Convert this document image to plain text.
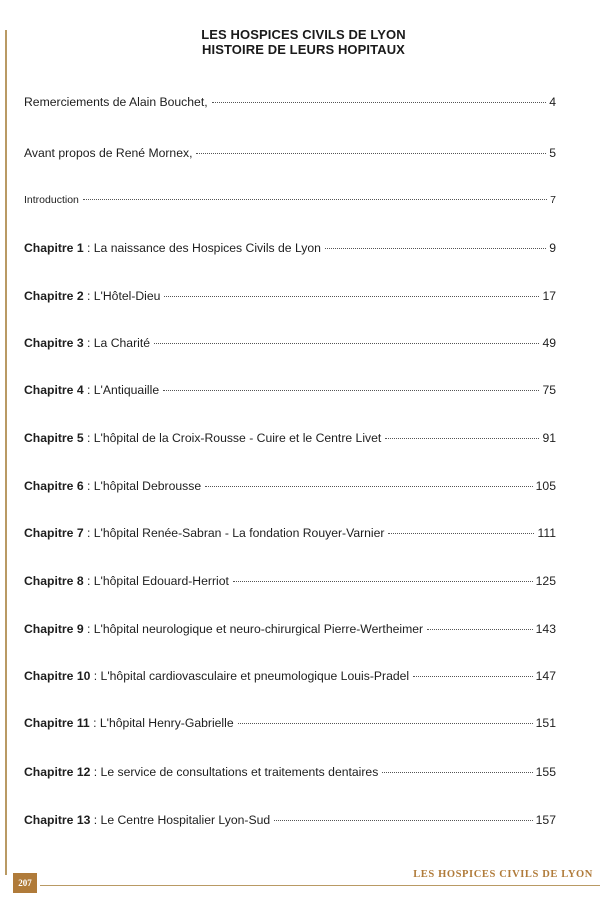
LES HOSPICES CIVILS DE LYON
HISTOIRE DE LEURS HOPITAUX
Remerciements de Alain Bouchet,	4
Avant propos de René Mornex,	5
Introduction	7
Chapitre 1 : La naissance des Hospices Civils de Lyon	9
Chapitre 2 : L'Hôtel-Dieu	17
Chapitre 3 : La Charité	49
Chapitre 4 : L'Antiquaille	75
Chapitre 5 : L'hôpital de la Croix-Rousse - Cuire et le Centre Livet	91
Chapitre 6 : L'hôpital Debrousse	105
Chapitre 7 : L'hôpital Renée-Sabran - La fondation Rouyer-Varnier	111
Chapitre 8 : L'hôpital Edouard-Herriot	125
Chapitre 9 : L'hôpital neurologique et neuro-chirurgical Pierre-Wertheimer	143
Chapitre 10 : L'hôpital cardiovasculaire et pneumologique Louis-Pradel	147
Chapitre 11 : L'hôpital Henry-Gabrielle	151
Chapitre 12 : Le service de consultations et traitements dentaires	155
Chapitre 13 : Le Centre Hospitalier Lyon-Sud	157
207
LES HOSPICES CIVILS DE LYON
